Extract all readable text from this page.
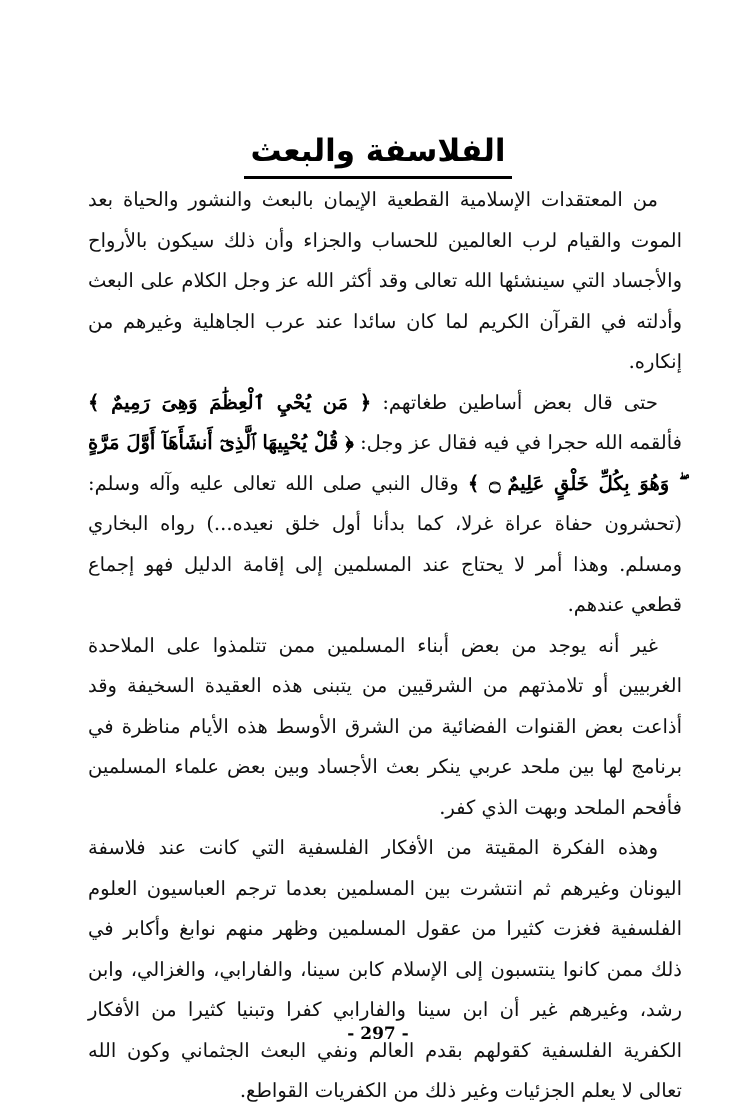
الفلاسفة والبعث

من المعتقدات الإسلامية القطعية الإيمان بالبعث والنشور والحياة بعد الموت والقيام لرب العالمين للحساب والجزاء وأن ذلك سيكون بالأرواح والأجساد التي سينشئها الله تعالى وقد أكثر الله عز وجل الكلام على البعث وأدلته في القرآن الكريم لما كان سائدا عند عرب الجاهلية وغيرهم من إنكاره.

حتى قال بعض أساطين طغاتهم: ﴿ مَن يُحْيِ ٱلْعِظَٰمَ وَهِىَ رَمِيمٌ ﴾ فألقمه الله حجرا في فيه فقال عز وجل: ﴿ قُلْ يُحْيِيهَا ٱلَّذِىٓ أَنشَأَهَآ أَوَّلَ مَرَّةٍ ۖ وَهُوَ بِكُلِّ خَلْقٍ عَلِيمٌ ۝ ﴾ وقال النبي صلى الله تعالى عليه وآله وسلم: (تحشرون حفاة عراة غرلا، كما بدأنا أول خلق نعيده...) رواه البخاري ومسلم. وهذا أمر لا يحتاج عند المسلمين إلى إقامة الدليل فهو إجماع قطعي عندهم.

غير أنه يوجد من بعض أبناء المسلمين ممن تتلمذوا على الملاحدة الغربيين أو تلامذتهم من الشرقيين من يتبنى هذه العقيدة السخيفة وقد أذاعت بعض القنوات الفضائية من الشرق الأوسط هذه الأيام مناظرة في برنامج لها بين ملحد عربي ينكر بعث الأجساد وبين بعض علماء المسلمين فأفحم الملحد وبهت الذي كفر.

وهذه الفكرة المقيتة من الأفكار الفلسفية التي كانت عند فلاسفة اليونان وغيرهم ثم انتشرت بين المسلمين بعدما ترجم العباسيون العلوم الفلسفية فغزت كثيرا من عقول المسلمين وظهر منهم نوابغ وأكابر في ذلك ممن كانوا ينتسبون إلى الإسلام كابن سينا، والفارابي، والغزالي، وابن رشد، وغيرهم غير أن ابن سينا والفارابي كفرا وتبنيا كثيرا من الأفكار الكفرية الفلسفية كقولهم بقدم العالم ونفي البعث الجثماني وكون الله تعالى لا يعلم الجزئيات وغير ذلك من الكفريات القواطع.

- 297 -
